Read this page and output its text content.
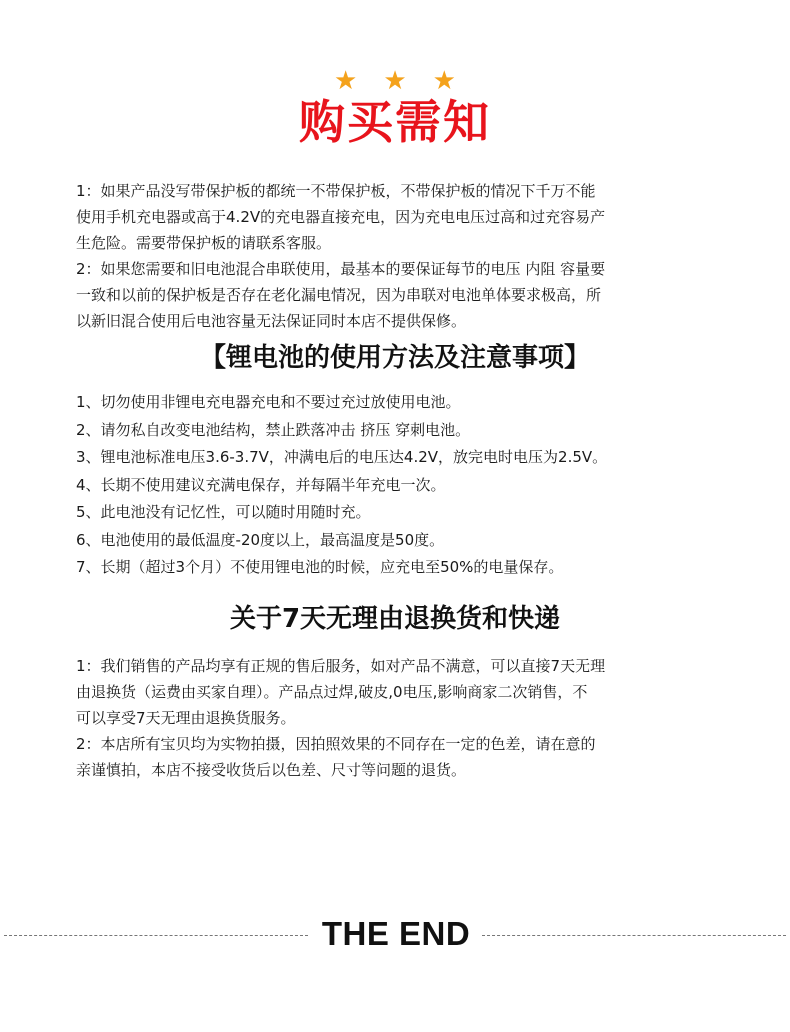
★ ★ ★
购买需知

1：如果产品没写带保护板的都统一不带保护板，不带保护板的情况下千万不能
使用手机充电器或高于4.2V的充电器直接充电，因为充电电压过高和过充容易产
生危险。需要带保护板的请联系客服。

2：如果您需要和旧电池混合串联使用，最基本的要保证每节的电压 内阻 容量要
一致和以前的保护板是否存在老化漏电情况，因为串联对电池单体要求极高，所
以新旧混合使用后电池容量无法保证同时本店不提供保修。

【锂电池的使用方法及注意事项】
1、切勿使用非锂电充电器充电和不要过充过放使用电池。
2、请勿私自改变电池结构，禁止跌落冲击 挤压 穿刺电池。
3、锂电池标准电压3.6-3.7V，冲满电后的电压达4.2V，放完电时电压为2.5V。
4、长期不使用建议充满电保存，并每隔半年充电一次。
5、此电池没有记忆性，可以随时用随时充。
6、电池使用的最低温度-20度以上，最高温度是50度。
7、长期（超过3个月）不使用锂电池的时候，应充电至50%的电量保存。
关于7天无理由退换货和快递

1：我们销售的产品均享有正规的售后服务，如对产品不满意，可以直接7天无理
由退换货（运费由买家自理）。产品点过焊,破皮,0电压,影响商家二次销售，不
可以享受7天无理由退换货服务。

2：本店所有宝贝均为实物拍摄，因拍照效果的不同存在一定的色差，请在意的
亲谨慎拍，本店不接受收货后以色差、尺寸等问题的退货。

THE END
